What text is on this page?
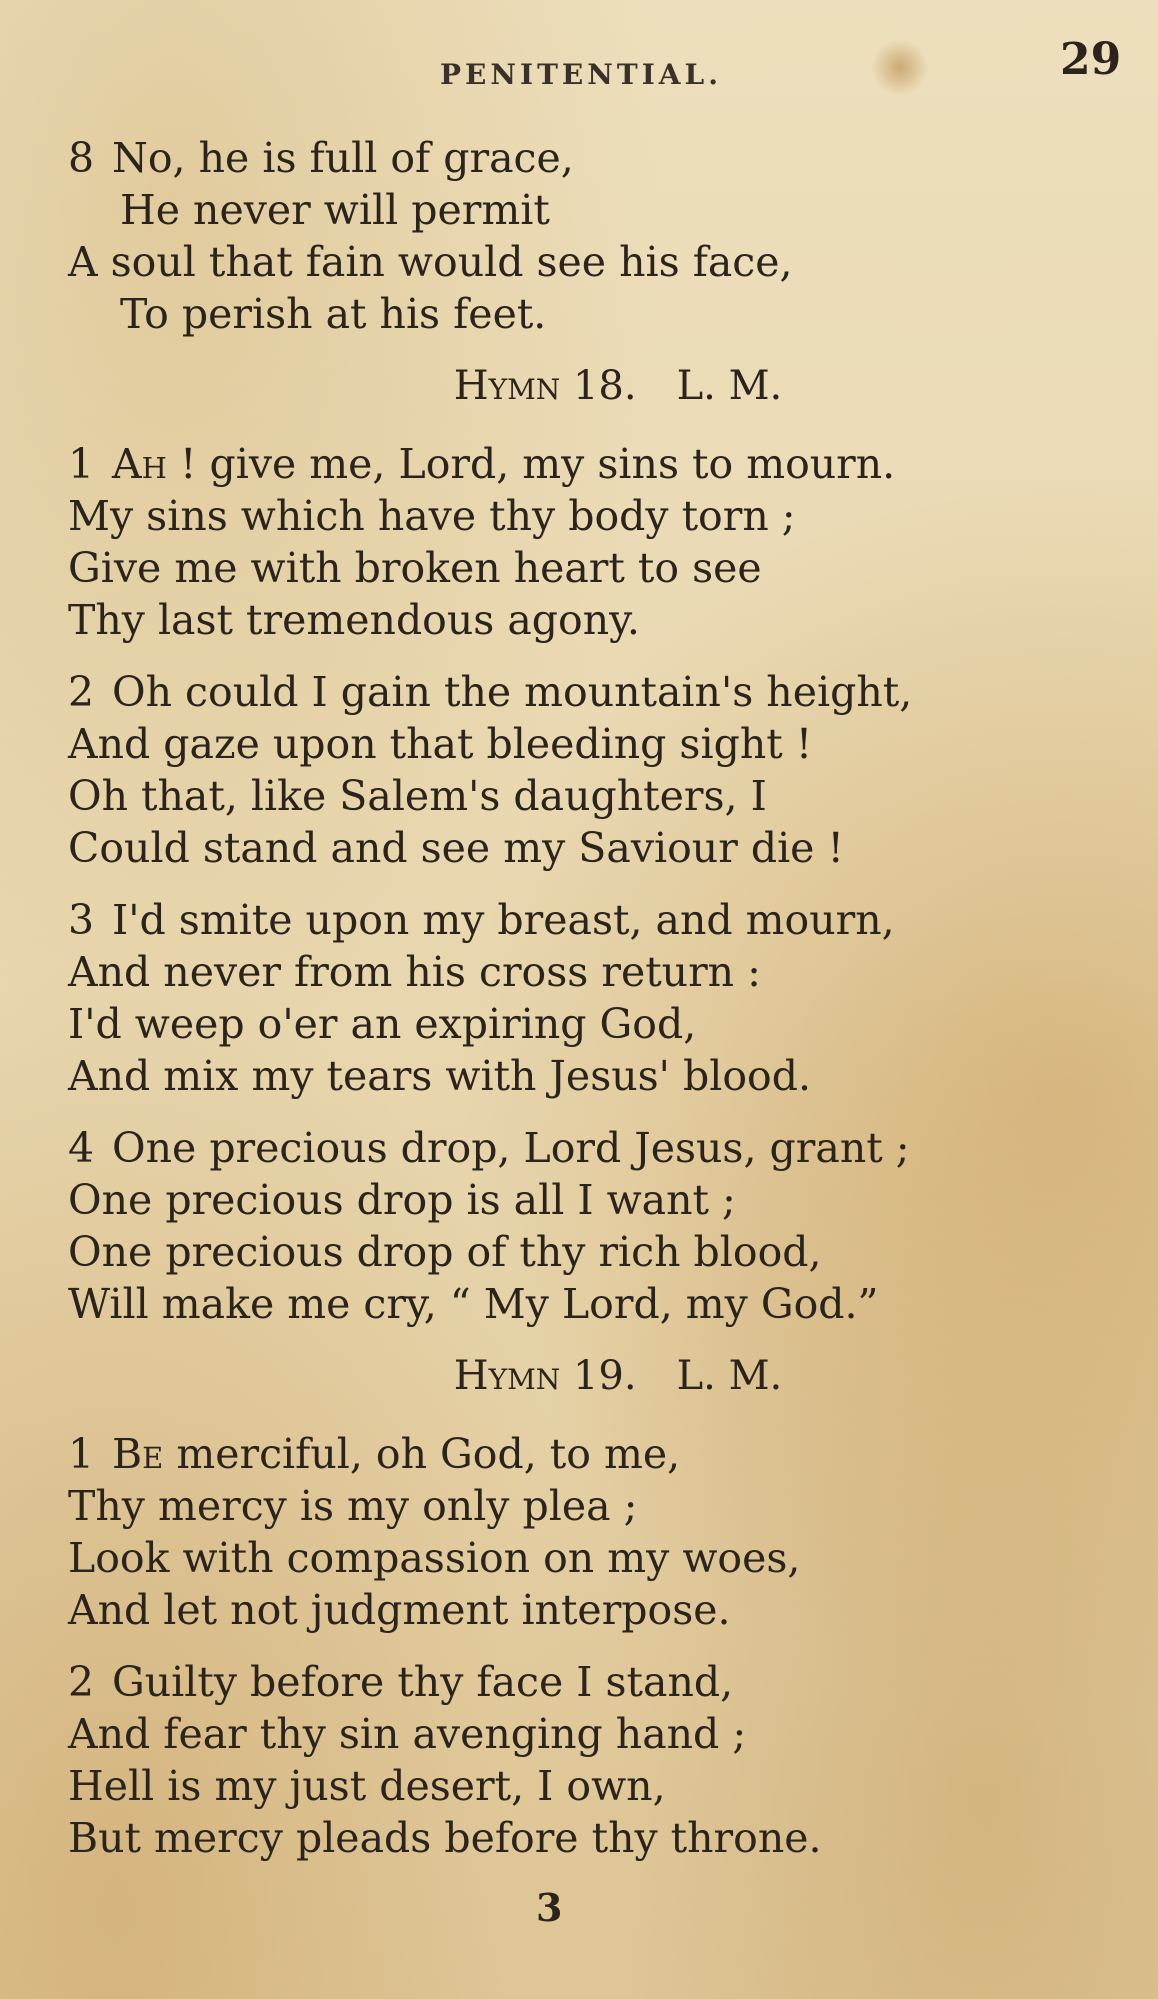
PENITENTIAL.	29
8 No, he is full of grace,
He never will permit
A soul that fain would see his face,
To perish at his feet.
Hymn 18. L. M.
1 Ah ! give me, Lord, my sins to mourn.
My sins which have thy body torn ;
Give me with broken heart to see
Thy last tremendous agony.
2 Oh could I gain the mountain's height,
And gaze upon that bleeding sight !
Oh that, like Salem's daughters, I
Could stand and see my Saviour die !
3 I'd smite upon my breast, and mourn,
And never from his cross return :
I'd weep o'er an expiring God,
And mix my tears with Jesus' blood.
4 One precious drop, Lord Jesus, grant ;
One precious drop is all I want ;
One precious drop of thy rich blood,
Will make me cry, “ My Lord, my God.”
Hymn 19. L. M.
1 Be merciful, oh God, to me,
Thy mercy is my only plea ;
Look with compassion on my woes,
And let not judgment interpose.
2 Guilty before thy face I stand,
And fear thy sin avenging hand ;
Hell is my just desert, I own,
But mercy pleads before thy throne.
3
